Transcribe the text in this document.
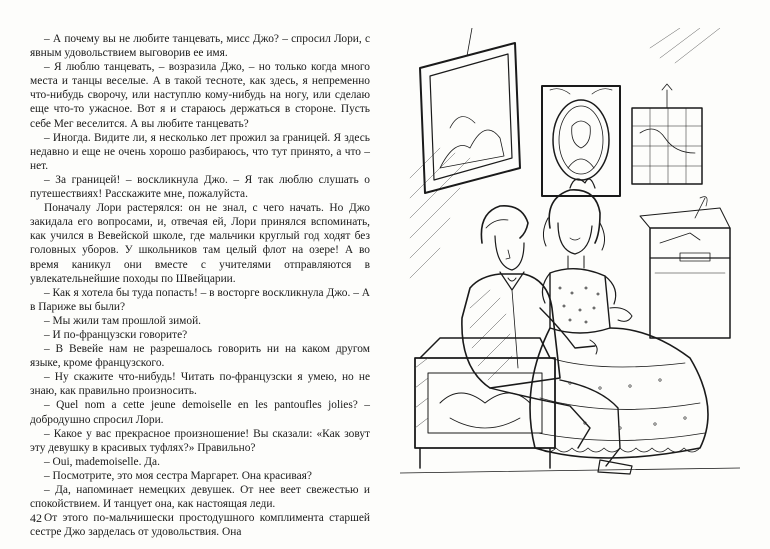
– А почему вы не любите танцевать, мисс Джо? – спросил Лори, с явным удовольствием выговорив ее имя.

– Я люблю танцевать, – возразила Джо, – но только когда много места и танцы веселые. А в такой тесноте, как здесь, я непременно что-нибудь сворочу, или наступлю кому-нибудь на ногу, или сделаю еще что-то ужасное. Вот я и стараюсь держаться в стороне. Пусть себе Мег веселится. А вы любите танцевать?

– Иногда. Видите ли, я несколько лет прожил за границей. Я здесь недавно и еще не очень хорошо разбираюсь, что тут принято, а что – нет.

– За границей! – воскликнула Джо. – Я так люблю слушать о путешествиях! Расскажите мне, пожалуйста.

Поначалу Лори растерялся: он не знал, с чего начать. Но Джо закидала его вопросами, и, отвечая ей, Лори принялся вспоминать, как учился в Вевейской школе, где мальчики круглый год ходят без головных уборов. У школьников там целый флот на озере! А во время каникул они вместе с учителями отправляются в увлекательнейшие походы по Швейцарии.

– Как я хотела бы туда попасть! – в восторге воскликнула Джо. – А в Париже вы были?

– Мы жили там прошлой зимой.

– И по-французски говорите?

– В Вевейе нам не разрешалось говорить ни на каком другом языке, кроме французского.

– Ну скажите что-нибудь! Читать по-французски я умею, но не знаю, как правильно произносить.

– Quel nom a cette jeune demoiselle en les pantoufles jolies? – добродушно спросил Лори.

– Какое у вас прекрасное произношение! Вы сказали: «Как зовут эту девушку в красивых туфлях?» Правильно?

– Oui, mademoiselle. Да.

– Посмотрите, это моя сестра Маргарет. Она красивая?

– Да, напоминает немецких девушек. От нее веет свежестью и спокойствием. И танцует она, как настоящая леди.

От этого по-мальчишески простодушного комплимента старшей сестре Джо зарделась от удовольствия. Она

42
